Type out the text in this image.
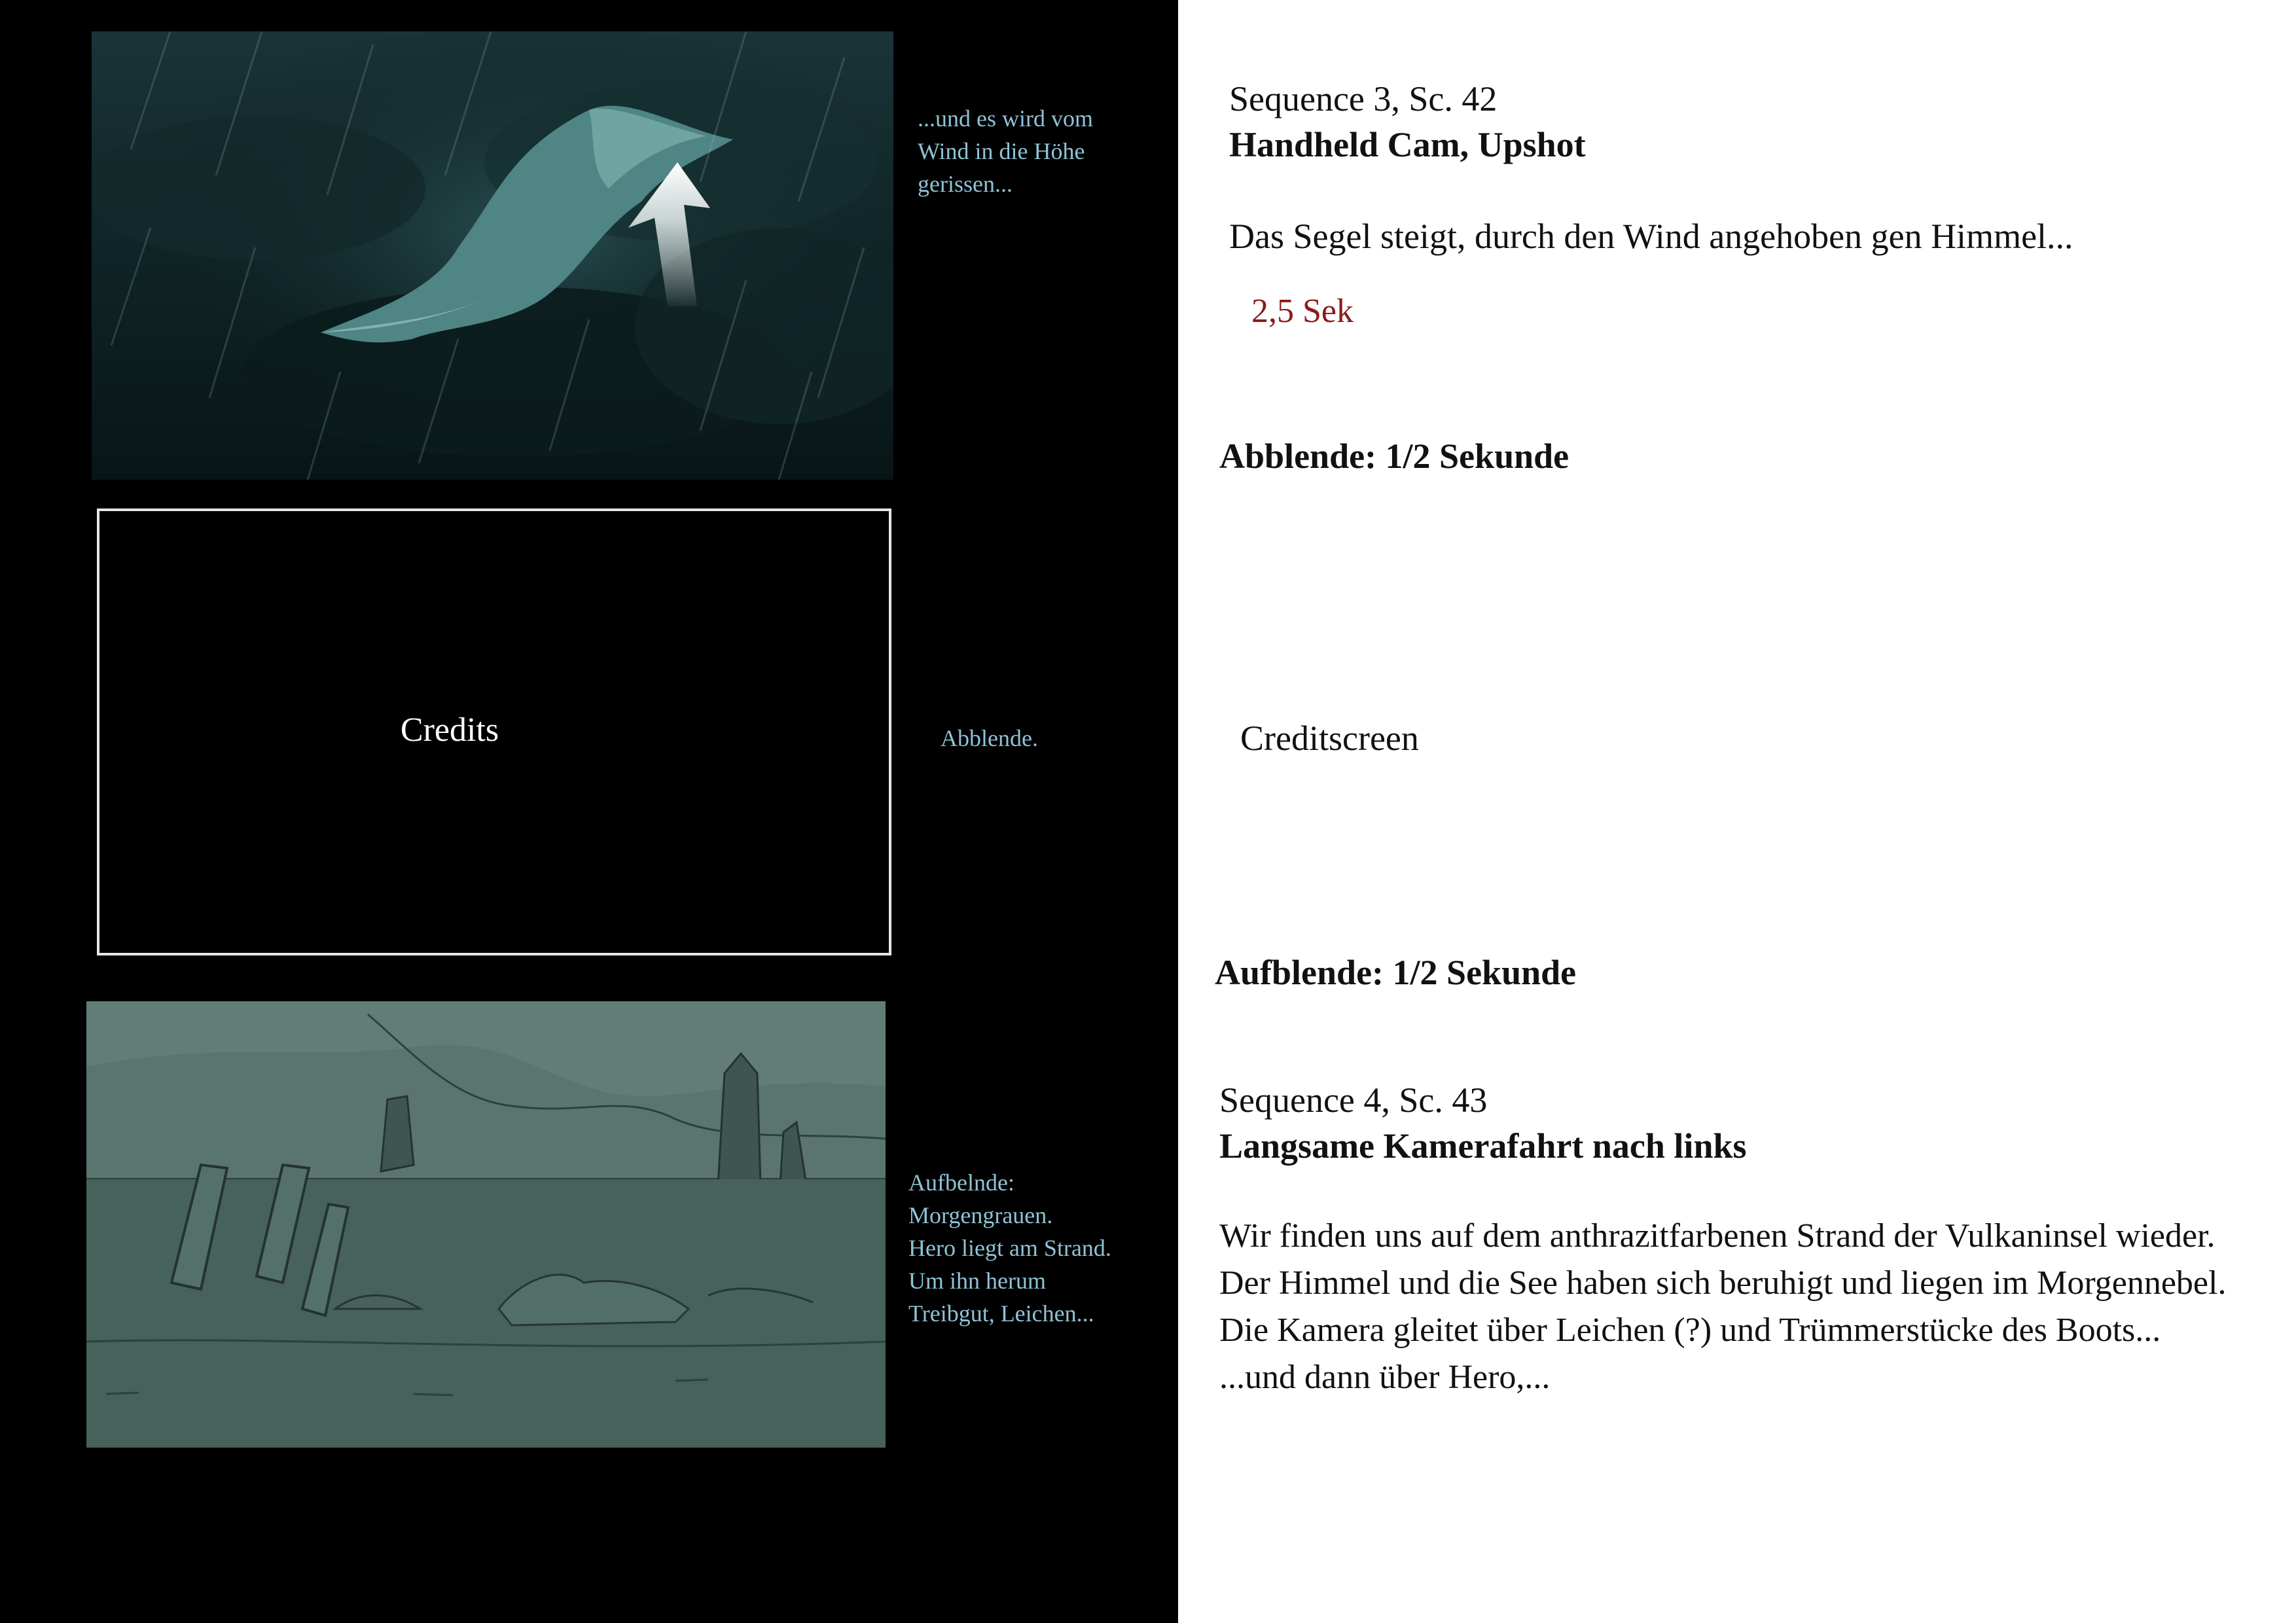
Credits
...und es wird vom
Wind in die Höhe
gerissen...
Abblende.
Aufbelnde:
Morgengrauen.
Hero liegt am Strand.
Um ihn herum
Treibgut, Leichen...
Sequence 3, Sc. 42
Handheld Cam, Upshot
Das Segel steigt, durch den Wind angehoben gen Himmel...
2,5 Sek
Abblende: 1/2 Sekunde
Creditscreen
Aufblende: 1/2 Sekunde
Sequence 4, Sc. 43
Langsame Kamerafahrt nach links
Wir finden uns auf dem anthrazitfarbenen Strand der Vulkaninsel wieder.
Der Himmel und die See haben sich beruhigt und liegen im Morgennebel.
Die Kamera gleitet über Leichen (?) und Trümmerstücke des Boots...
...und dann über Hero,...
